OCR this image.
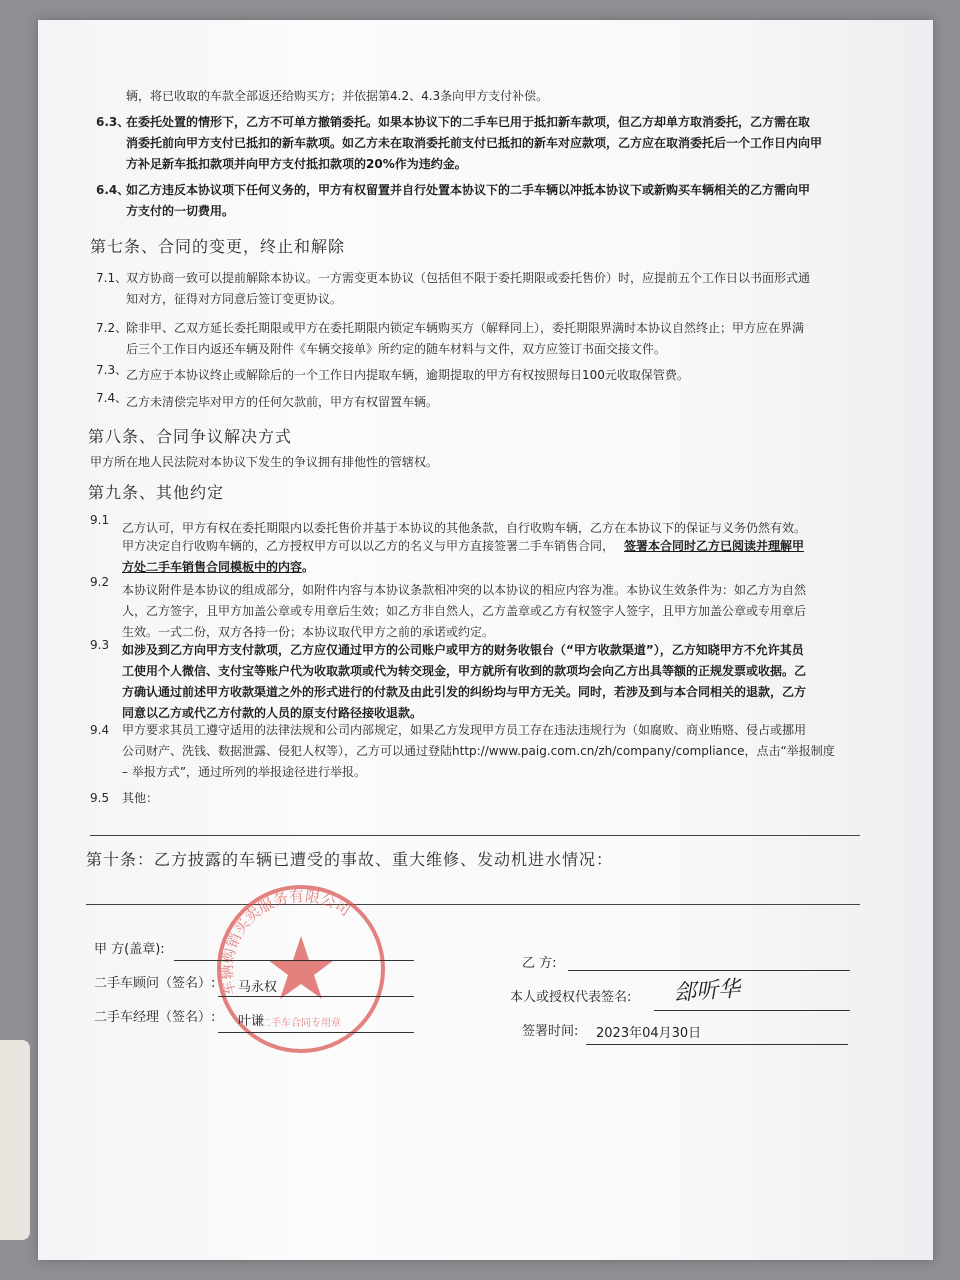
辆，将已收取的车款全部返还给购买方；并依据第4.2、4.3条向甲方支付补偿。
6.3、
在委托处置的情形下，乙方不可单方撤销委托。如果本协议下的二手车已用于抵扣新车款项，但乙方却单方取消委托，乙方需在取
消委托前向甲方支付已抵扣的新车款项。如乙方未在取消委托前支付已抵扣的新车对应款项，乙方应在取消委托后一个工作日内向甲
方补足新车抵扣款项并向甲方支付抵扣款项的20%作为违约金。
6.4、
如乙方违反本协议项下任何义务的，甲方有权留置并自行处置本协议下的二手车辆以冲抵本协议下或新购买车辆相关的乙方需向甲
方支付的一切费用。
第七条、合同的变更，终止和解除
7.1、
双方协商一致可以提前解除本协议。一方需变更本协议（包括但不限于委托期限或委托售价）时，应提前五个工作日以书面形式通
知对方，征得对方同意后签订变更协议。
7.2、
除非甲、乙双方延长委托期限或甲方在委托期限内锁定车辆购买方（解释同上），委托期限界满时本协议自然终止；甲方应在界满
后三个工作日内返还车辆及附件《车辆交接单》所约定的随车材料与文件，双方应签订书面交接文件。
7.3、
乙方应于本协议终止或解除后的一个工作日内提取车辆，逾期提取的甲方有权按照每日100元收取保管费。
7.4、
乙方未清偿完毕对甲方的任何欠款前，甲方有权留置车辆。
第八条、合同争议解决方式
甲方所在地人民法院对本协议下发生的争议拥有排他性的管辖权。
第九条、其他约定
9.1
乙方认可，甲方有权在委托期限内以委托售价并基于本协议的其他条款，自行收购车辆，乙方在本协议下的保证与义务仍然有效。
甲方决定自行收购车辆的，乙方授权甲方可以以乙方的名义与甲方直接签署二手车销售合同， 签署本合同时乙方已阅读并理解甲
方处二手车销售合同模板中的内容。
9.2
本协议附件是本协议的组成部分，如附件内容与本协议条款相冲突的以本协议的相应内容为准。本协议生效条件为：如乙方为自然
人，乙方签字，且甲方加盖公章或专用章后生效；如乙方非自然人，乙方盖章或乙方有权签字人签字，且甲方加盖公章或专用章后
生效。一式二份，双方各持一份；本协议取代甲方之前的承诺或约定。
9.3 如涉及到乙方向甲方支付款项，乙方应仅通过甲方的公司账户或甲方的财务收银台（“甲方收款渠道”），乙方知晓甲方不允许其员
工使用个人微信、支付宝等账户代为收取款项或代为转交现金，甲方就所有收到的款项均会向乙方出具等额的正规发票或收据。乙
方确认通过前述甲方收款渠道之外的形式进行的付款及由此引发的纠纷均与甲方无关。同时，若涉及到与本合同相关的退款，乙方
同意以乙方或代乙方付款的人员的原支付路径接收退款。
9.4 甲方要求其员工遵守适用的法律法规和公司内部规定，如果乙方发现甲方员工存在违法违规行为（如腐败、商业贿赂、侵占或挪用
公司财产、洗钱、数据泄露、侵犯人权等），乙方可以通过登陆http://www.paig.com.cn/zh/company/compliance，点击“举报制度
– 举报方式”，通过所列的举报途径进行举报。
9.5 其他：
第十条：乙方披露的车辆已遭受的事故、重大维修、发动机进水情况：
车辆购销买卖服务有限公司
二手车合同专用章
甲 方(盖章):
二手车顾问（签名）: 马永权
二手车经理（签名）: 叶谦
乙 方:
本人或授权代表签名: 郐听华
签署时间: 2023年04月30日
